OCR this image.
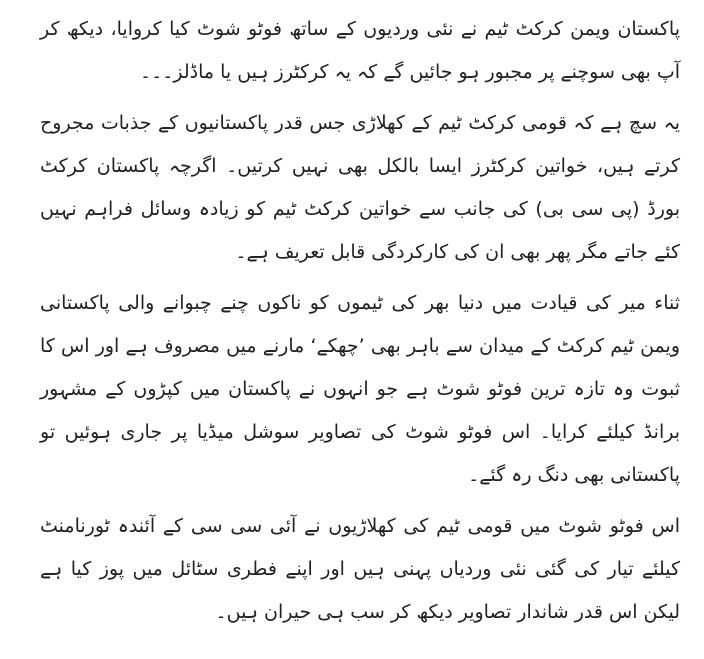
پاکستان ویمن کرکٹ ٹیم نے نئی وردیوں کے ساتھ فوٹو شوٹ کیا کروایا، دیکھ کر آپ بھی سوچنے پر مجبور ہو جائیں گے کہ یہ کرکٹرز ہیں یا ماڈلز۔۔۔

یہ سچ ہے کہ قومی کرکٹ ٹیم کے کھلاڑی جس قدر پاکستانیوں کے جذبات مجروح کرتے ہیں، خواتین کرکٹرز ایسا بالکل بھی نہیں کرتیں۔ اگرچہ پاکستان کرکٹ بورڈ (پی سی بی) کی جانب سے خواتین کرکٹ ٹیم کو زیادہ وسائل فراہم نہیں کئے جاتے مگر پھر بھی ان کی کارکردگی قابل تعریف ہے۔

ثناء میر کی قیادت میں دنیا بھر کی ٹیموں کو ناکوں چنے چبوانے والی پاکستانی ویمن ٹیم کرکٹ کے میدان سے باہر بھی ’چھکے‘ مارنے میں مصروف ہے اور اس کا ثبوت وہ تازہ ترین فوٹو شوٹ ہے جو انہوں نے پاکستان میں کپڑوں کے مشہور برانڈ کیلئے کرایا۔ اس فوٹو شوٹ کی تصاویر سوشل میڈیا پر جاری ہوئیں تو پاکستانی بھی دنگ رہ گئے۔

اس فوٹو شوٹ میں قومی ٹیم کی کھلاڑیوں نے آئی سی سی کے آئندہ ٹورنامنٹ کیلئے تیار کی گئی نئی وردیاں پہنی ہیں اور اپنے فطری سٹائل میں پوز کیا ہے لیکن اس قدر شاندار تصاویر دیکھ کر سب ہی حیران ہیں۔
